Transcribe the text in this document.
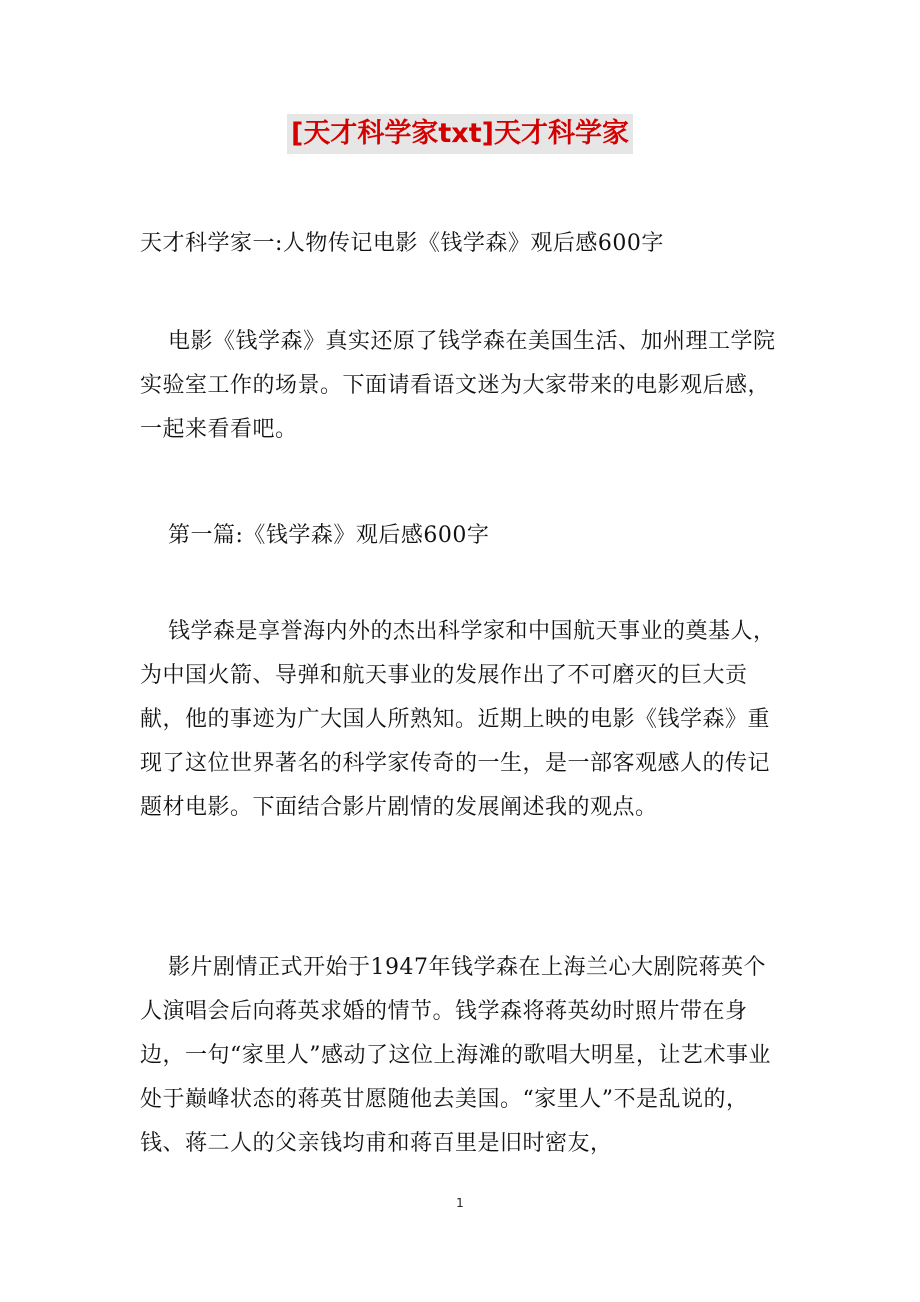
[天才科学家txt]天才科学家

天才科学家一:人物传记电影《钱学森》观后感600字

电影《钱学森》真实还原了钱学森在美国生活、加州理工学院实验室工作的场景。下面请看语文迷为大家带来的电影观后感，一起来看看吧。

第一篇:《钱学森》观后感600字

钱学森是享誉海内外的杰出科学家和中国航天事业的奠基人，为中国火箭、导弹和航天事业的发展作出了不可磨灭的巨大贡献，他的事迹为广大国人所熟知。近期上映的电影《钱学森》重现了这位世界著名的科学家传奇的一生，是一部客观感人的传记题材电影。下面结合影片剧情的发展阐述我的观点。

影片剧情正式开始于1947年钱学森在上海兰心大剧院蒋英个人演唱会后向蒋英求婚的情节。钱学森将蒋英幼时照片带在身边，一句“家里人”感动了这位上海滩的歌唱大明星，让艺术事业处于巅峰状态的蒋英甘愿随他去美国。“家里人”不是乱说的，钱、蒋二人的父亲钱均甫和蒋百里是旧时密友，

1
